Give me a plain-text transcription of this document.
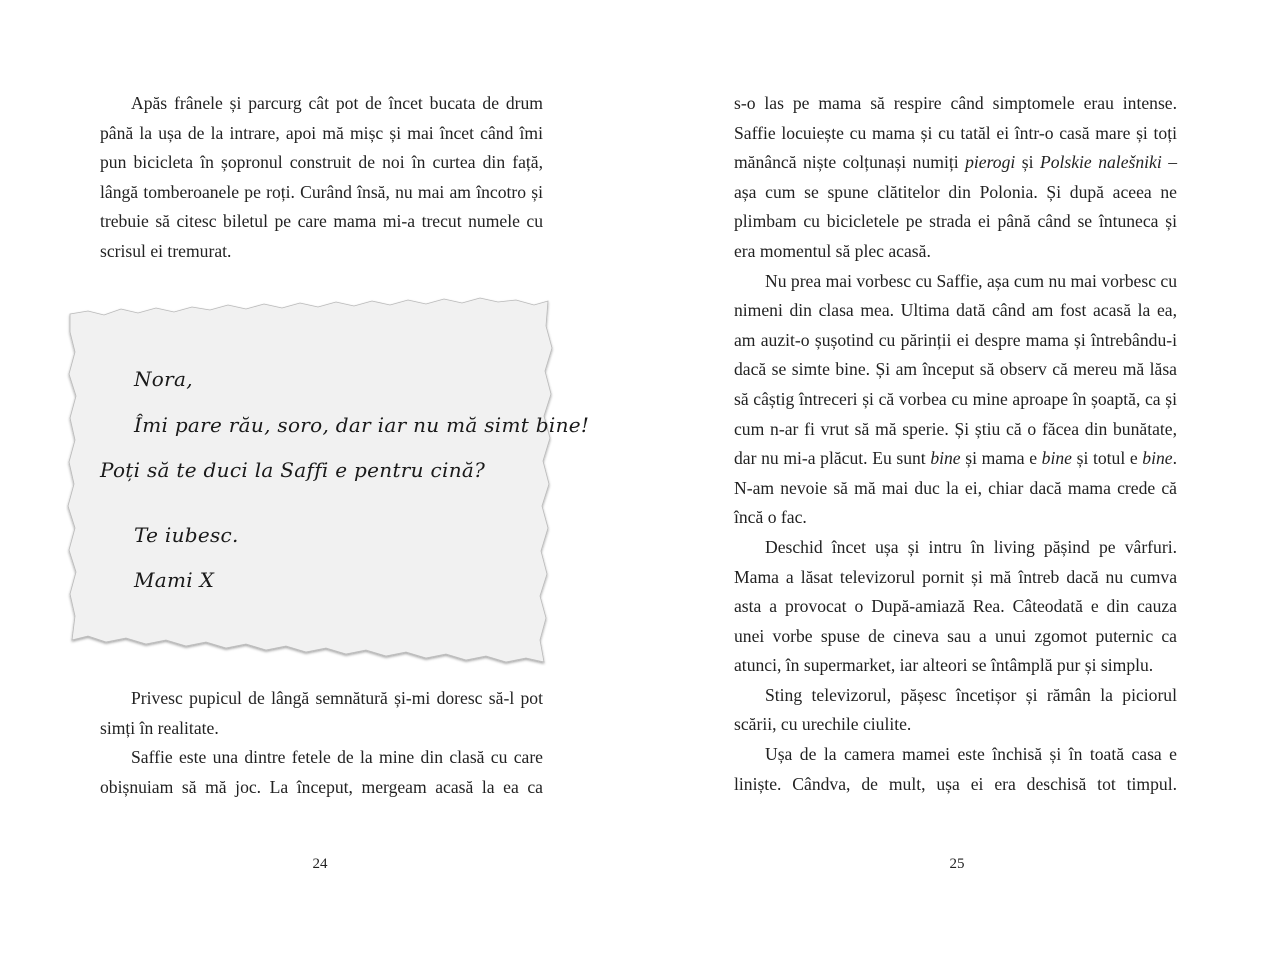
Apăs frânele și parcurg cât pot de încet bucata de drum până la ușa de la intrare, apoi mă mișc și mai încet când îmi pun bicicleta în șopronul construit de noi în curtea din față, lângă tomberoanele pe roți. Curând însă, nu mai am încotro și trebuie să citesc biletul pe care mama mi-a trecut numele cu scrisul ei tremurat.

Nora,
Îmi pare rău, soro, dar iar nu mă simt bine!
Poți să te duci la Saffi e pentru cină?
Te iubesc.
Mami X

Privesc pupicul de lângă semnătură și-mi doresc să-l pot simți în realitate.

Saffie este una dintre fetele de la mine din clasă cu care obișnuiam să mă joc. La început, mergeam acasă la ea ca

24

s-o las pe mama să respire când simptomele erau intense. Saffie locuiește cu mama și cu tatăl ei într-o casă mare și toți mănâncă niște colțunași numiți pierogi și Polskie nalešniki – așa cum se spune clătitelor din Polonia. Și după aceea ne plimbam cu bicicletele pe strada ei până când se întuneca și era momentul să plec acasă.

Nu prea mai vorbesc cu Saffie, așa cum nu mai vorbesc cu nimeni din clasa mea. Ultima dată când am fost acasă la ea, am auzit-o șușotind cu părinții ei despre mama și întrebându-i dacă se simte bine. Și am început să observ că mereu mă lăsa să câștig întreceri și că vorbea cu mine aproape în șoaptă, ca și cum n-ar fi vrut să mă sperie. Și știu că o făcea din bunătate, dar nu mi-a plăcut. Eu sunt bine și mama e bine și totul e bine. N-am nevoie să mă mai duc la ei, chiar dacă mama crede că încă o fac.

Deschid încet ușa și intru în living pășind pe vârfuri. Mama a lăsat televizorul pornit și mă întreb dacă nu cumva asta a provocat o După-amiază Rea. Câteodată e din cauza unei vorbe spuse de cineva sau a unui zgomot puternic ca atunci, în supermarket, iar alteori se întâmplă pur și simplu.

Sting televizorul, pășesc încetișor și rămân la piciorul scării, cu urechile ciulite.

Ușa de la camera mamei este închisă și în toată casa e liniște. Cândva, de mult, ușa ei era deschisă tot timpul.

25
